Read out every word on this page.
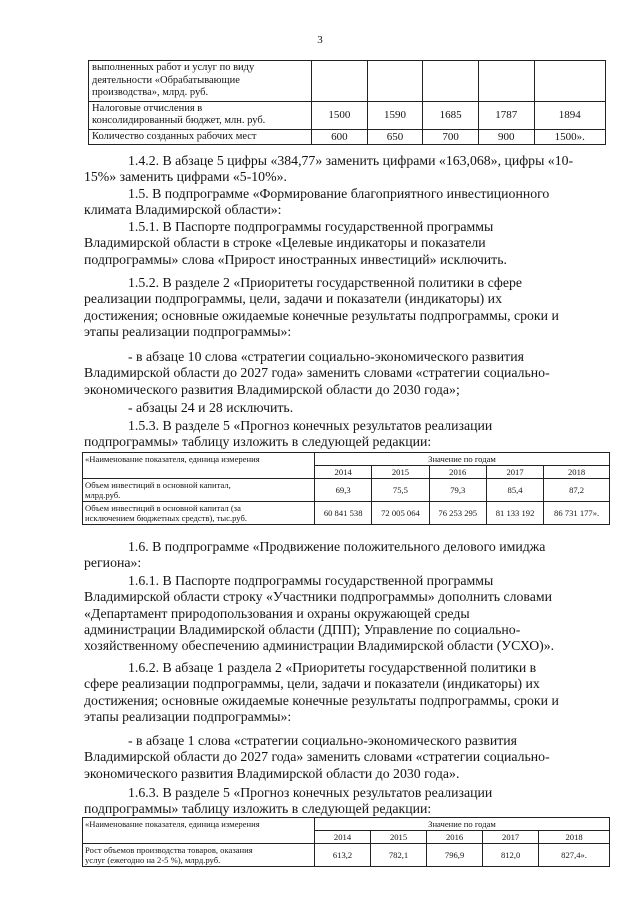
3
выполненных работ и услуг по виду
деятельности «Обрабатывающие
производства», млрд. руб.					

Налоговые отчисления в
консолидированный бюджет, млн. руб.	1500	1590	1685	1787	1894

Количество созданных рабочих мест	600	650	700	900	1500».
1.4.2. В абзаце 5 цифры «384,77» заменить цифрами «163,068», цифры «10-
15%» заменить цифрами «5-10%».
1.5. В подпрограмме «Формирование благоприятного инвестиционного
климата Владимирской области»:
1.5.1. В Паспорте подпрограммы государственной программы
Владимирской области в строке «Целевые индикаторы и показатели
подпрограммы» слова «Прирост иностранных инвестиций» исключить.
1.5.2. В разделе 2 «Приоритеты государственной политики в сфере
реализации подпрограммы, цели, задачи и показатели (индикаторы) их
достижения; основные ожидаемые конечные результаты подпрограммы, сроки и
этапы реализации подпрограммы»:
- в абзаце 10 слова «стратегии социально-экономического развития
Владимирской области до 2027 года» заменить словами «стратегии социально-
экономического развития Владимирской области до 2030 года»;
- абзацы 24 и 28 исключить.
1.5.3. В разделе 5 «Прогноз конечных результатов реализации
подпрограммы» таблицу изложить в следующей редакции:
«Наименование показателя, единица измерения	Значение по годам				
	2014	2015	2016	2017	2018

Объем инвестиций в основной капитал,
млрд.руб.	69,3	75,5	79,3	85,4	87,2

Объем инвестиций в основной капитал (за
исключением бюджетных средств), тыс.руб.	60 841 538	72 005 064	76 253 295	81 133 192	86 731 177».
1.6. В подпрограмме «Продвижение положительного делового имиджа
региона»:
1.6.1. В Паспорте подпрограммы государственной программы
Владимирской области строку «Участники подпрограммы» дополнить словами
«Департамент природопользования и охраны окружающей среды
администрации Владимирской области (ДПП); Управление по социально-
хозяйственному обеспечению администрации Владимирской области (УСХО)».
1.6.2. В абзаце 1 раздела 2 «Приоритеты государственной политики в
сфере реализации подпрограммы, цели, задачи и показатели (индикаторы) их
достижения; основные ожидаемые конечные результаты подпрограммы, сроки и
этапы реализации подпрограммы»:
- в абзаце 1 слова «стратегии социально-экономического развития
Владимирской области до 2027 года» заменить словами «стратегии социально-
экономического развития Владимирской области до 2030 года».
1.6.3. В разделе 5 «Прогноз конечных результатов реализации
подпрограммы» таблицу изложить в следующей редакции:
«Наименование показателя, единица измерения	Значение по годам				
	2014	2015	2016	2017	2018

Рост объемов производства товаров, оказания
услуг (ежегодно на 2-5 %), млрд.руб.	613,2	782,1	796,9	812,0	827,4».
